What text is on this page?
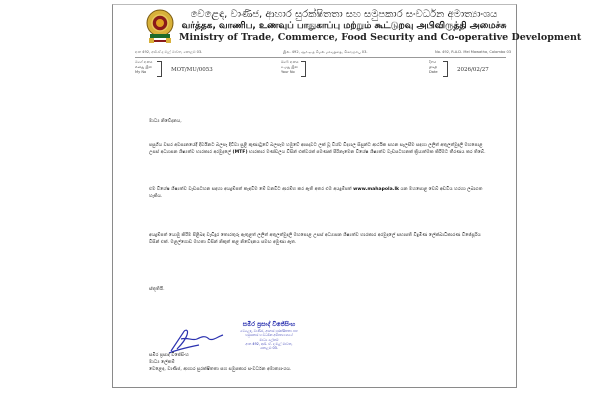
වෙළෙඳ, වාණිජ, ආහාර සුරක්ෂිතතා සහ සමුපකාර සංවර්ධන අමාත්‍යාංශය
வர்த்தக, வாணிப, உணவுப் பாதுகாப்பு மற்றும் கூட்டுறவு அபிவிருத்தி அமைச்சு
Ministry of Trade, Commerce, Food Security and Co-operative Development
අංක 492, ආර්.ඒ.ද මැල් මාවත, කොළඹ 03.	இல. 492, ஆர்.ஏ.த மெல் மாவத்தை, கொழும்பு 03.	No. 492, R.A.D. Mel Mawatha, Colombo 03
මගේ අංකය
எனது இல
My No	MOT/MU/0053
ඔබේ අංකය
உமது இல
Your No
දිනය
திகதி
Date	2026/02/27
මාධ්‍ය නිවේදනය,
පසුගිය වසර අවසානයේදී දිවයිනට බලපෑ දිට්වා සුළි කුණාටුවේ බලපෑම හමුවේ ආපදාවට ලක් වූ විශ්ව විද්‍යාල සිසුන්ට ආර්ථික සහන සැලසීම සඳහා ලලිත් අතුලත්මුදලි මහපොළ උසස් අධ්‍යාපන ශිෂ්‍යත්ව භාරකාර අරමුදලේ (MTF) භාරකාර මණ්ඩලය විසින් එක්වරක් පමණක් පිරිනැමෙන විශේෂ ශිෂ්‍යත්ව වැඩසටහනක් ක්‍රියාත්මක කිරීමට තීරණය කර තිබේ.
එම විශේෂ ශිෂ්‍යත්ව වැඩසටහන සඳහා අයදුම්පත් කැඳවීම මේ වනවිට ආරම්භ කර ඇති අතර එම අයදුම්පත් www.mahapola.lk යන මහපොළ වෙබ් අඩවිය හරහා ලබාගත හැකිය.
අයදුම්පත් යොමු කිරීම පිළිබඳ වැඩිදුර තොරතුරු ඇතුළත් ලලිත් අතුලත්මුදලි මහපොළ උසස් අධ්‍යාපන ශිෂ්‍යත්ව භාරකාර අරමුදලේ සභාපති වීදුමිණ ලේක්ඛාධිකාරණ විජේසූරිය විසින් එක්. මළල්ගොඩ මහතා විසින් නිකුත් කළ නිවේදනය සමඟ අමුණා ඇත.
ස්තූතියි.
සමීර ප්‍රසාද් විජේසිංහ
වෙළෙඳ, වාණිජ, ආහාර සුරක්ෂිතතා සහ
සමුපකාර සංවර්ධන අමාත්‍යාංශයේ
මාධ්‍ය ලේකම්
අංක 492, ආර්. ඒ. ද මැල් මාවත,
කොළඹ 03.
සමීර ප්‍රසාද් විජේසිංහ
මාධ්‍ය ලේකම්
වෙළෙඳ, වාණිජ, ආහාර සුරක්ෂිතතා සහ සමුපකාර සංවර්ධන අමාත්‍යාංශය.
